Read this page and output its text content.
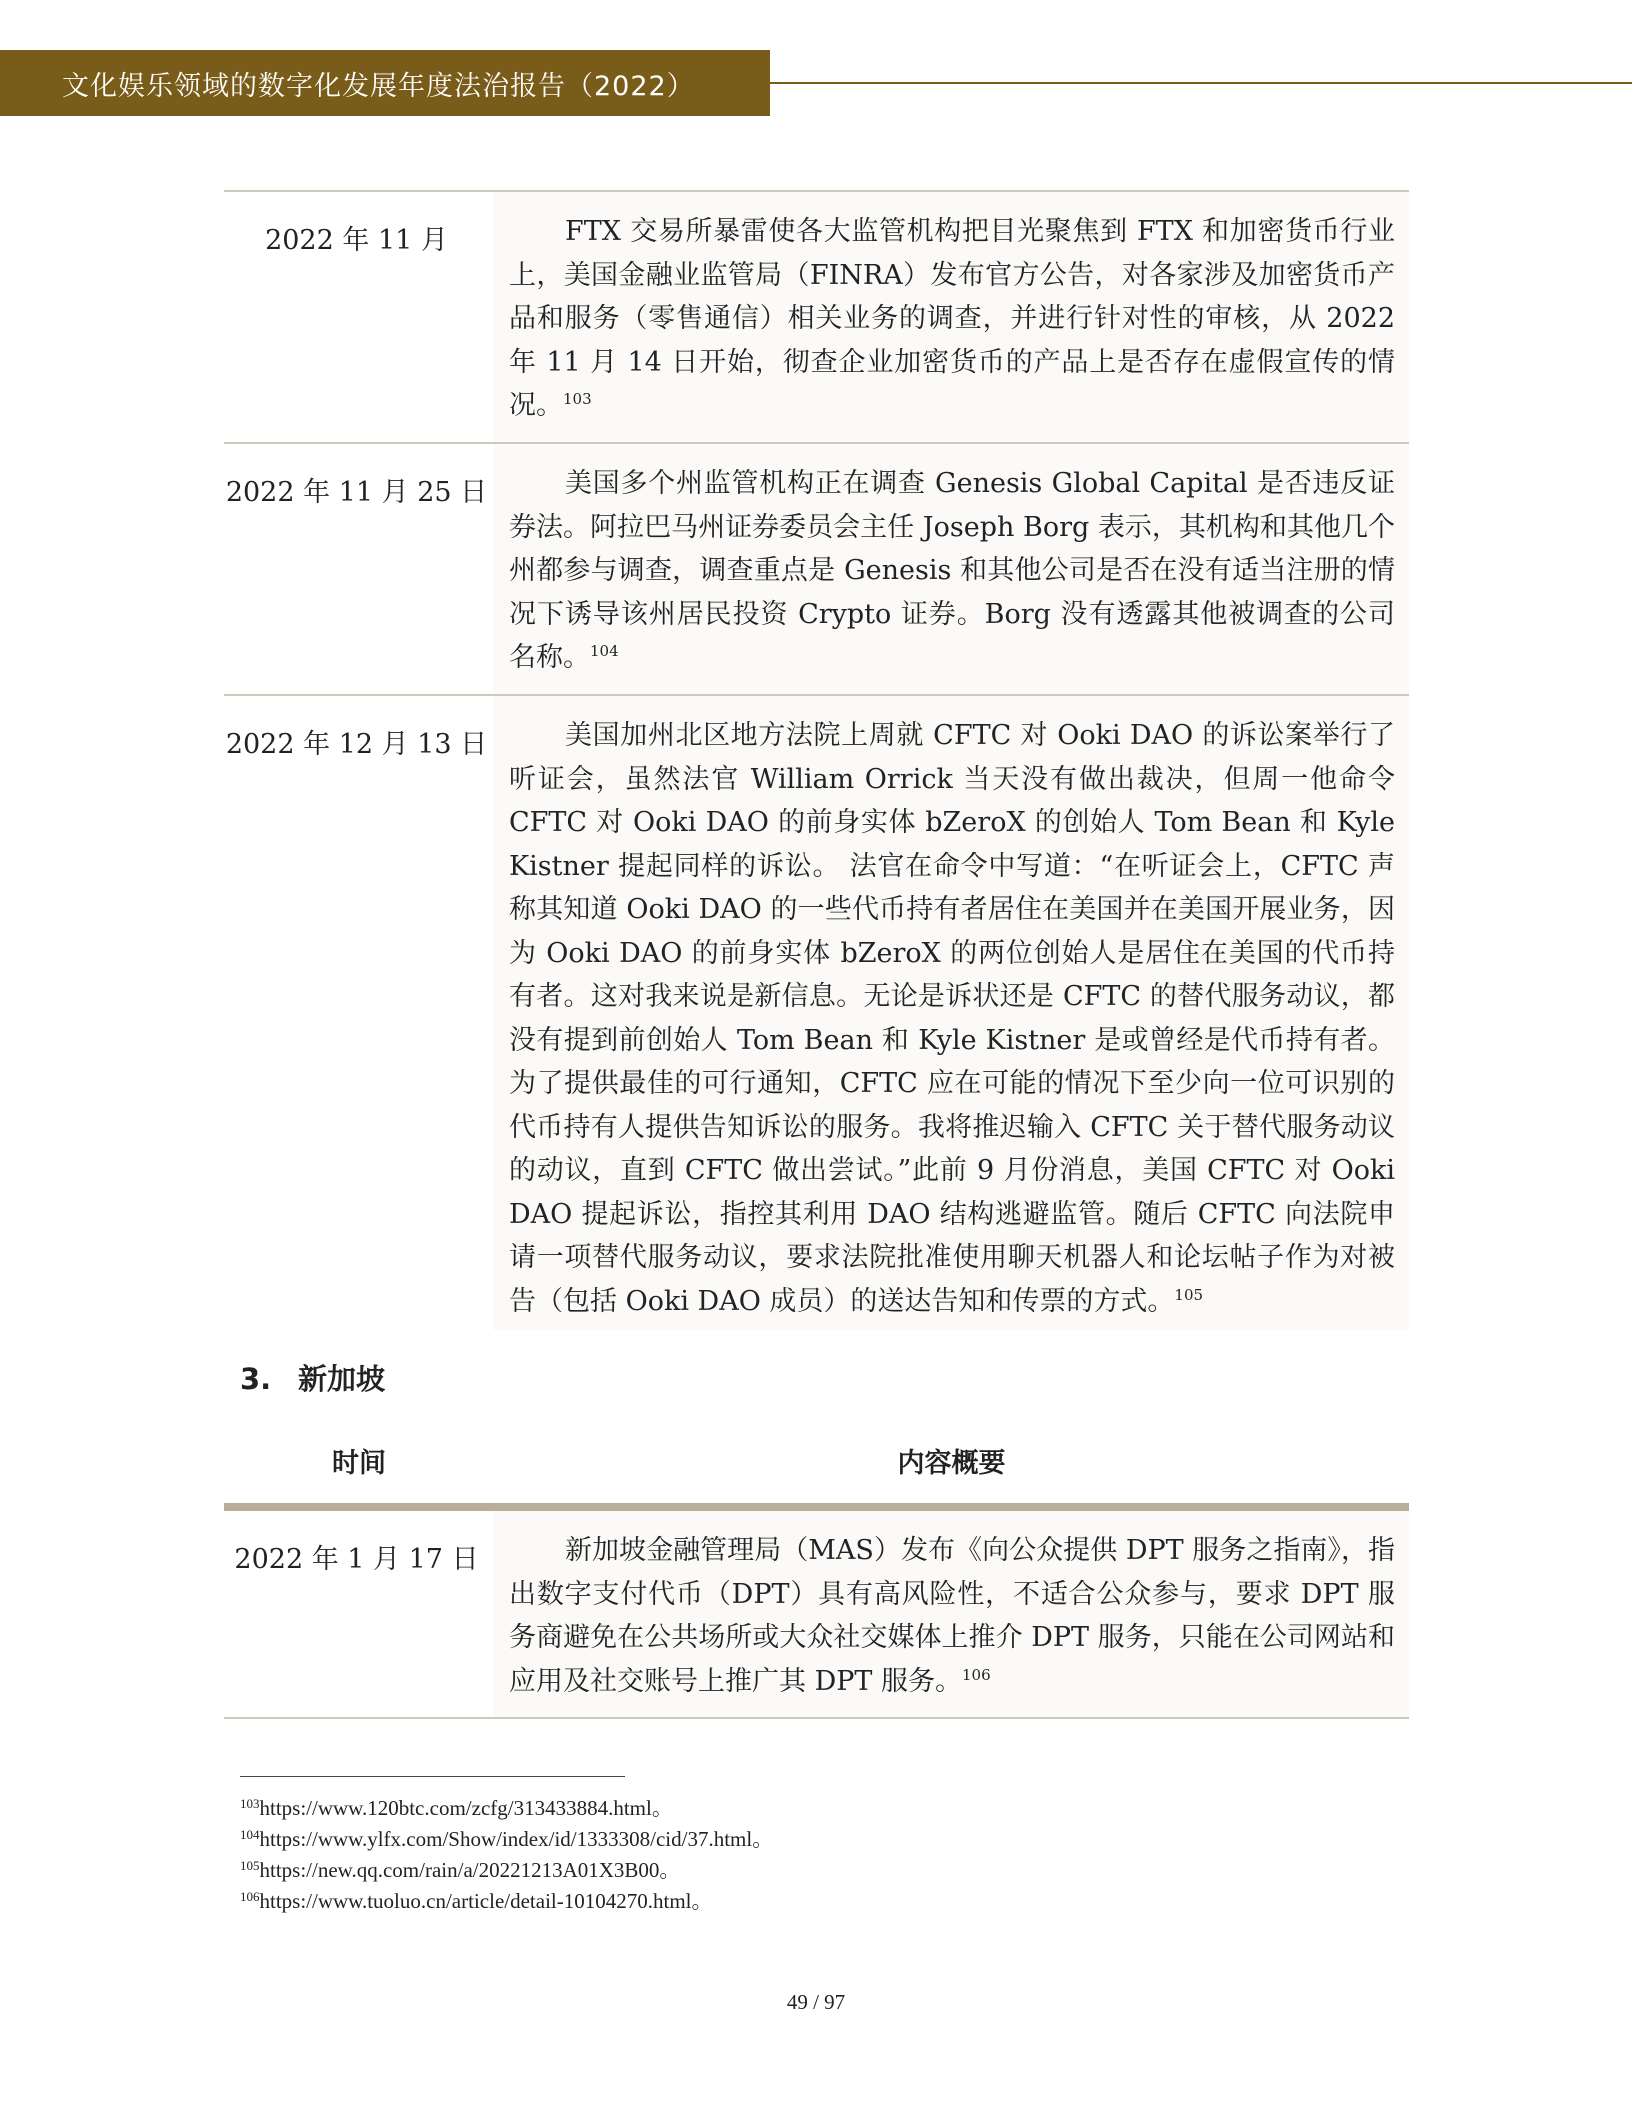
文化娱乐领域的数字化发展年度法治报告（2022）
2022 年 11 月	FTX 交易所暴雷使各大监管机构把目光聚焦到 FTX 和加密货币行业上，美国金融业监管局（FINRA）发布官方公告，对各家涉及加密货币产品和服务（零售通信）相关业务的调查，并进行针对性的审核，从 2022 年 11 月 14 日开始，彻查企业加密货币的产品上是否存在虚假宣传的情况。$^{103}$
2022 年 11 月 25 日	美国多个州监管机构正在调查 Genesis Global Capital 是否违反证券法。阿拉巴马州证券委员会主任 Joseph Borg 表示，其机构和其他几个州都参与调查，调查重点是 Genesis 和其他公司是否在没有适当注册的情况下诱导该州居民投资 Crypto 证券。Borg 没有透露其他被调查的公司名称。$^{104}$
2022 年 12 月 13 日	美国加州北区地方法院上周就 CFTC 对 Ooki DAO 的诉讼案举行了听证会，虽然法官 William Orrick 当天没有做出裁决，但周一他命令 CFTC 对 Ooki DAO 的前身实体 bZeroX 的创始人 Tom Bean 和 Kyle Kistner 提起同样的诉讼。 法官在命令中写道：“在听证会上，CFTC 声称其知道 Ooki DAO 的一些代币持有者居住在美国并在美国开展业务，因为 Ooki DAO 的前身实体 bZeroX 的两位创始人是居住在美国的代币持有者。这对我来说是新信息。无论是诉状还是 CFTC 的替代服务动议，都没有提到前创始人 Tom Bean 和 Kyle Kistner 是或曾经是代币持有者。为了提供最佳的可行通知，CFTC 应在可能的情况下至少向一位可识别的代币持有人提供告知诉讼的服务。我将推迟输入 CFTC 关于替代服务动议的动议，直到 CFTC 做出尝试。”此前 9 月份消息，美国 CFTC 对 Ooki DAO 提起诉讼，指控其利用 DAO 结构逃避监管。随后 CFTC 向法院申请一项替代服务动议，要求法院批准使用聊天机器人和论坛帖子作为对被告（包括 Ooki DAO 成员）的送达告知和传票的方式。$^{105}$
3. 新加坡
时间	内容概要
2022 年 1 月 17 日	新加坡金融管理局（MAS）发布《向公众提供 DPT 服务之指南》，指出数字支付代币（DPT）具有高风险性，不适合公众参与，要求 DPT 服务商避免在公共场所或大众社交媒体上推介 DPT 服务，只能在公司网站和应用及社交账号上推广其 DPT 服务。$^{106}$
$^{103}$https://www.120btc.com/zcfg/313433884.html。
$^{104}$https://www.ylfx.com/Show/index/id/1333308/cid/37.html。
$^{105}$https://new.qq.com/rain/a/20221213A01X3B00。
$^{106}$https://www.tuoluo.cn/article/detail-10104270.html。
49 / 97
